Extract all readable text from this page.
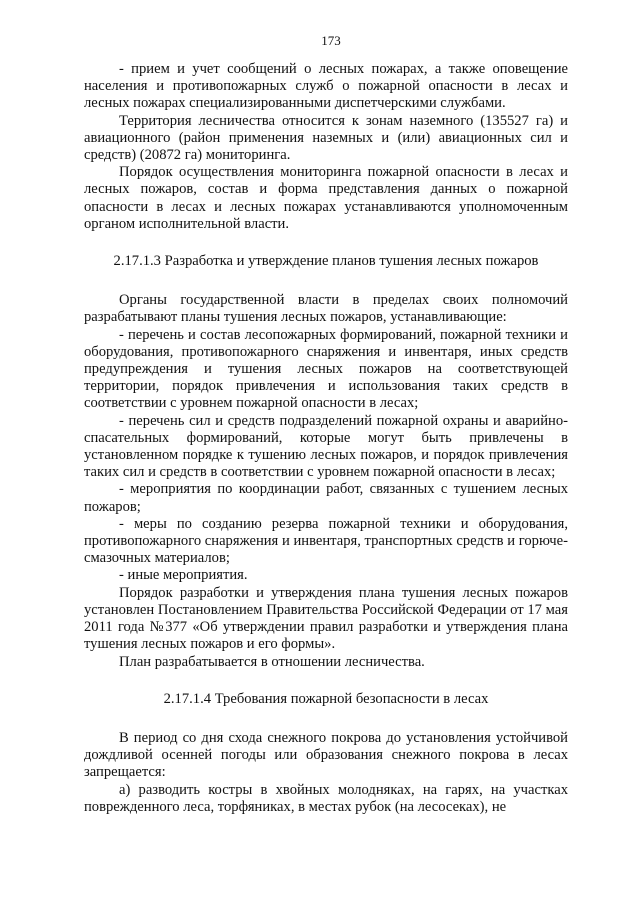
173

- прием и учет сообщений о лесных пожарах, а также оповещение населения и противопожарных служб о пожарной опасности в лесах и лесных пожарах специализированными диспетчерскими службами.

Территория лесничества относится к зонам наземного (135527 га) и авиационного (район применения наземных и (или) авиационных сил и средств) (20872 га) мониторинга.

Порядок осуществления мониторинга пожарной опасности в лесах и лесных пожаров, состав и форма представления данных о пожарной опасности в лесах и лесных пожарах устанавливаются уполномоченным органом исполнительной власти.

2.17.1.3 Разработка и утверждение планов тушения лесных пожаров

Органы государственной власти в пределах своих полномочий разрабатывают планы тушения лесных пожаров, устанавливающие:

- перечень и состав лесопожарных формирований, пожарной техники и оборудования, противопожарного снаряжения и инвентаря, иных средств предупреждения и тушения лесных пожаров на соответствующей территории, порядок привлечения и использования таких средств в соответствии с уровнем пожарной опасности в лесах;

- перечень сил и средств подразделений пожарной охраны и аварийно-спасательных формирований, которые могут быть привлечены в установленном порядке к тушению лесных пожаров, и порядок привлечения таких сил и средств в соответствии с уровнем пожарной опасности в лесах;

- мероприятия по координации работ, связанных с тушением лесных пожаров;

- меры по созданию резерва пожарной техники и оборудования, противопожарного снаряжения и инвентаря, транспортных средств и горюче-смазочных материалов;

- иные мероприятия.

Порядок разработки и утверждения плана тушения лесных пожаров установлен Постановлением Правительства Российской Федерации от 17 мая 2011 года №377 «Об утверждении правил разработки и утверждения плана тушения лесных пожаров и его формы».

План разрабатывается в отношении лесничества.

2.17.1.4 Требования пожарной безопасности в лесах

В период со дня схода снежного покрова до установления устойчивой дождливой осенней погоды или образования снежного покрова в лесах запрещается:

а) разводить костры в хвойных молодняках, на гарях, на участках поврежденного леса, торфяниках, в местах рубок (на лесосеках), не
